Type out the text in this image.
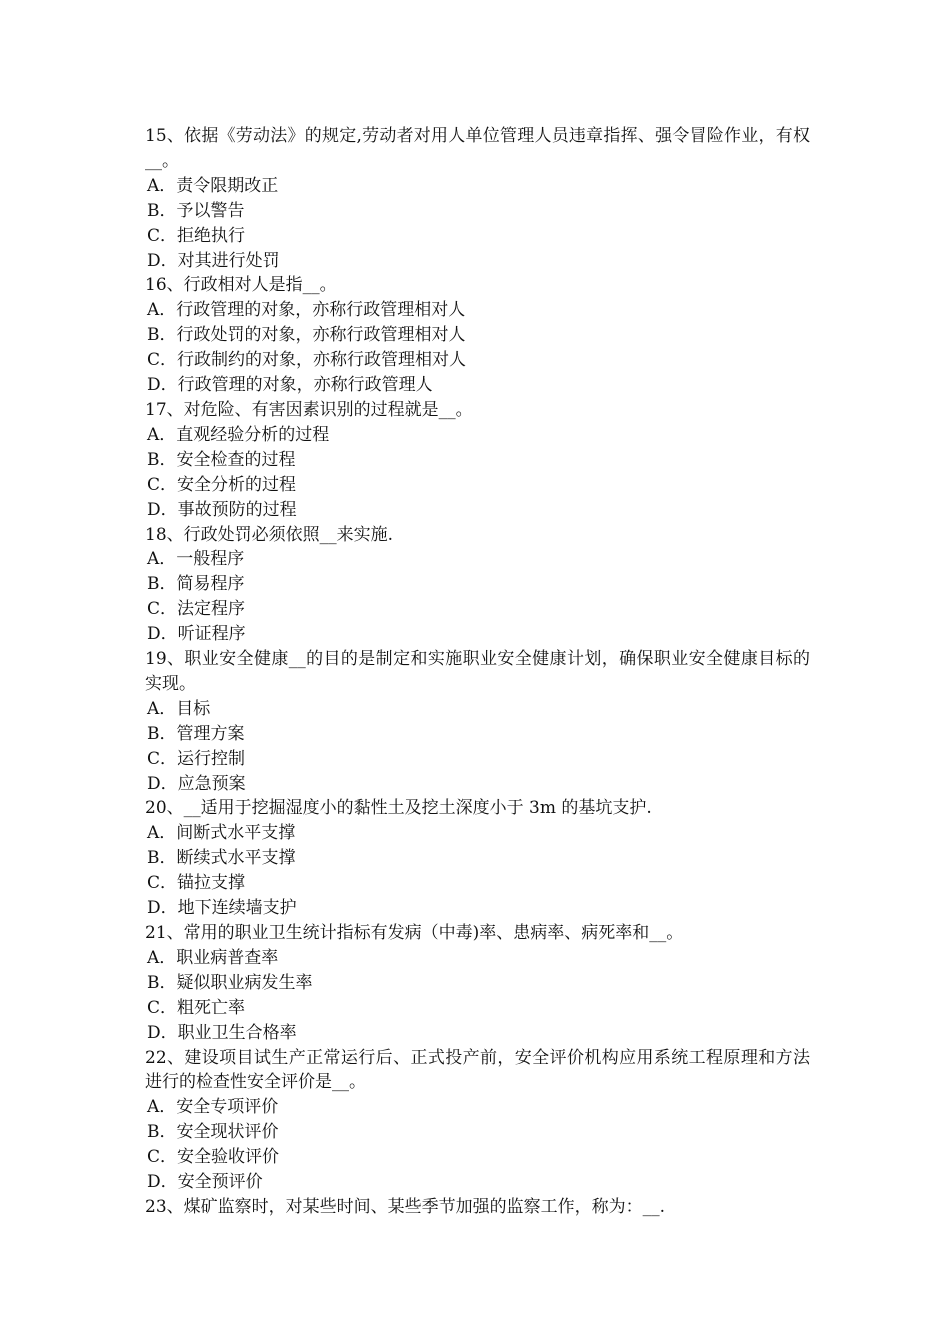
15、依据《劳动法》的规定,劳动者对用人单位管理人员违章指挥、强令冒险作业，有权__。

A．责令限期改正

B．予以警告

C．拒绝执行

D．对其进行处罚

16、行政相对人是指__。

A．行政管理的对象，亦称行政管理相对人

B．行政处罚的对象，亦称行政管理相对人

C．行政制约的对象，亦称行政管理相对人

D．行政管理的对象，亦称行政管理人

17、对危险、有害因素识别的过程就是__。

A．直观经验分析的过程

B．安全检查的过程

C．安全分析的过程

D．事故预防的过程

18、行政处罚必须依照__来实施.

A．一般程序

B．简易程序

C．法定程序

D．听证程序

19、职业安全健康__的目的是制定和实施职业安全健康计划，确保职业安全健康目标的实现。

A．目标

B．管理方案

C．运行控制

D．应急预案

20、__适用于挖掘湿度小的黏性土及挖土深度小于 3m 的基坑支护.

A．间断式水平支撑

B．断续式水平支撑

C．锚拉支撑

D．地下连续墙支护

21、常用的职业卫生统计指标有发病（中毒)率、患病率、病死率和__。

A．职业病普查率

B．疑似职业病发生率

C．粗死亡率

D．职业卫生合格率

22、建设项目试生产正常运行后、正式投产前，安全评价机构应用系统工程原理和方法进行的检查性安全评价是__。

A．安全专项评价

B．安全现状评价

C．安全验收评价

D．安全预评价

23、煤矿监察时，对某些时间、某些季节加强的监察工作，称为：__.
